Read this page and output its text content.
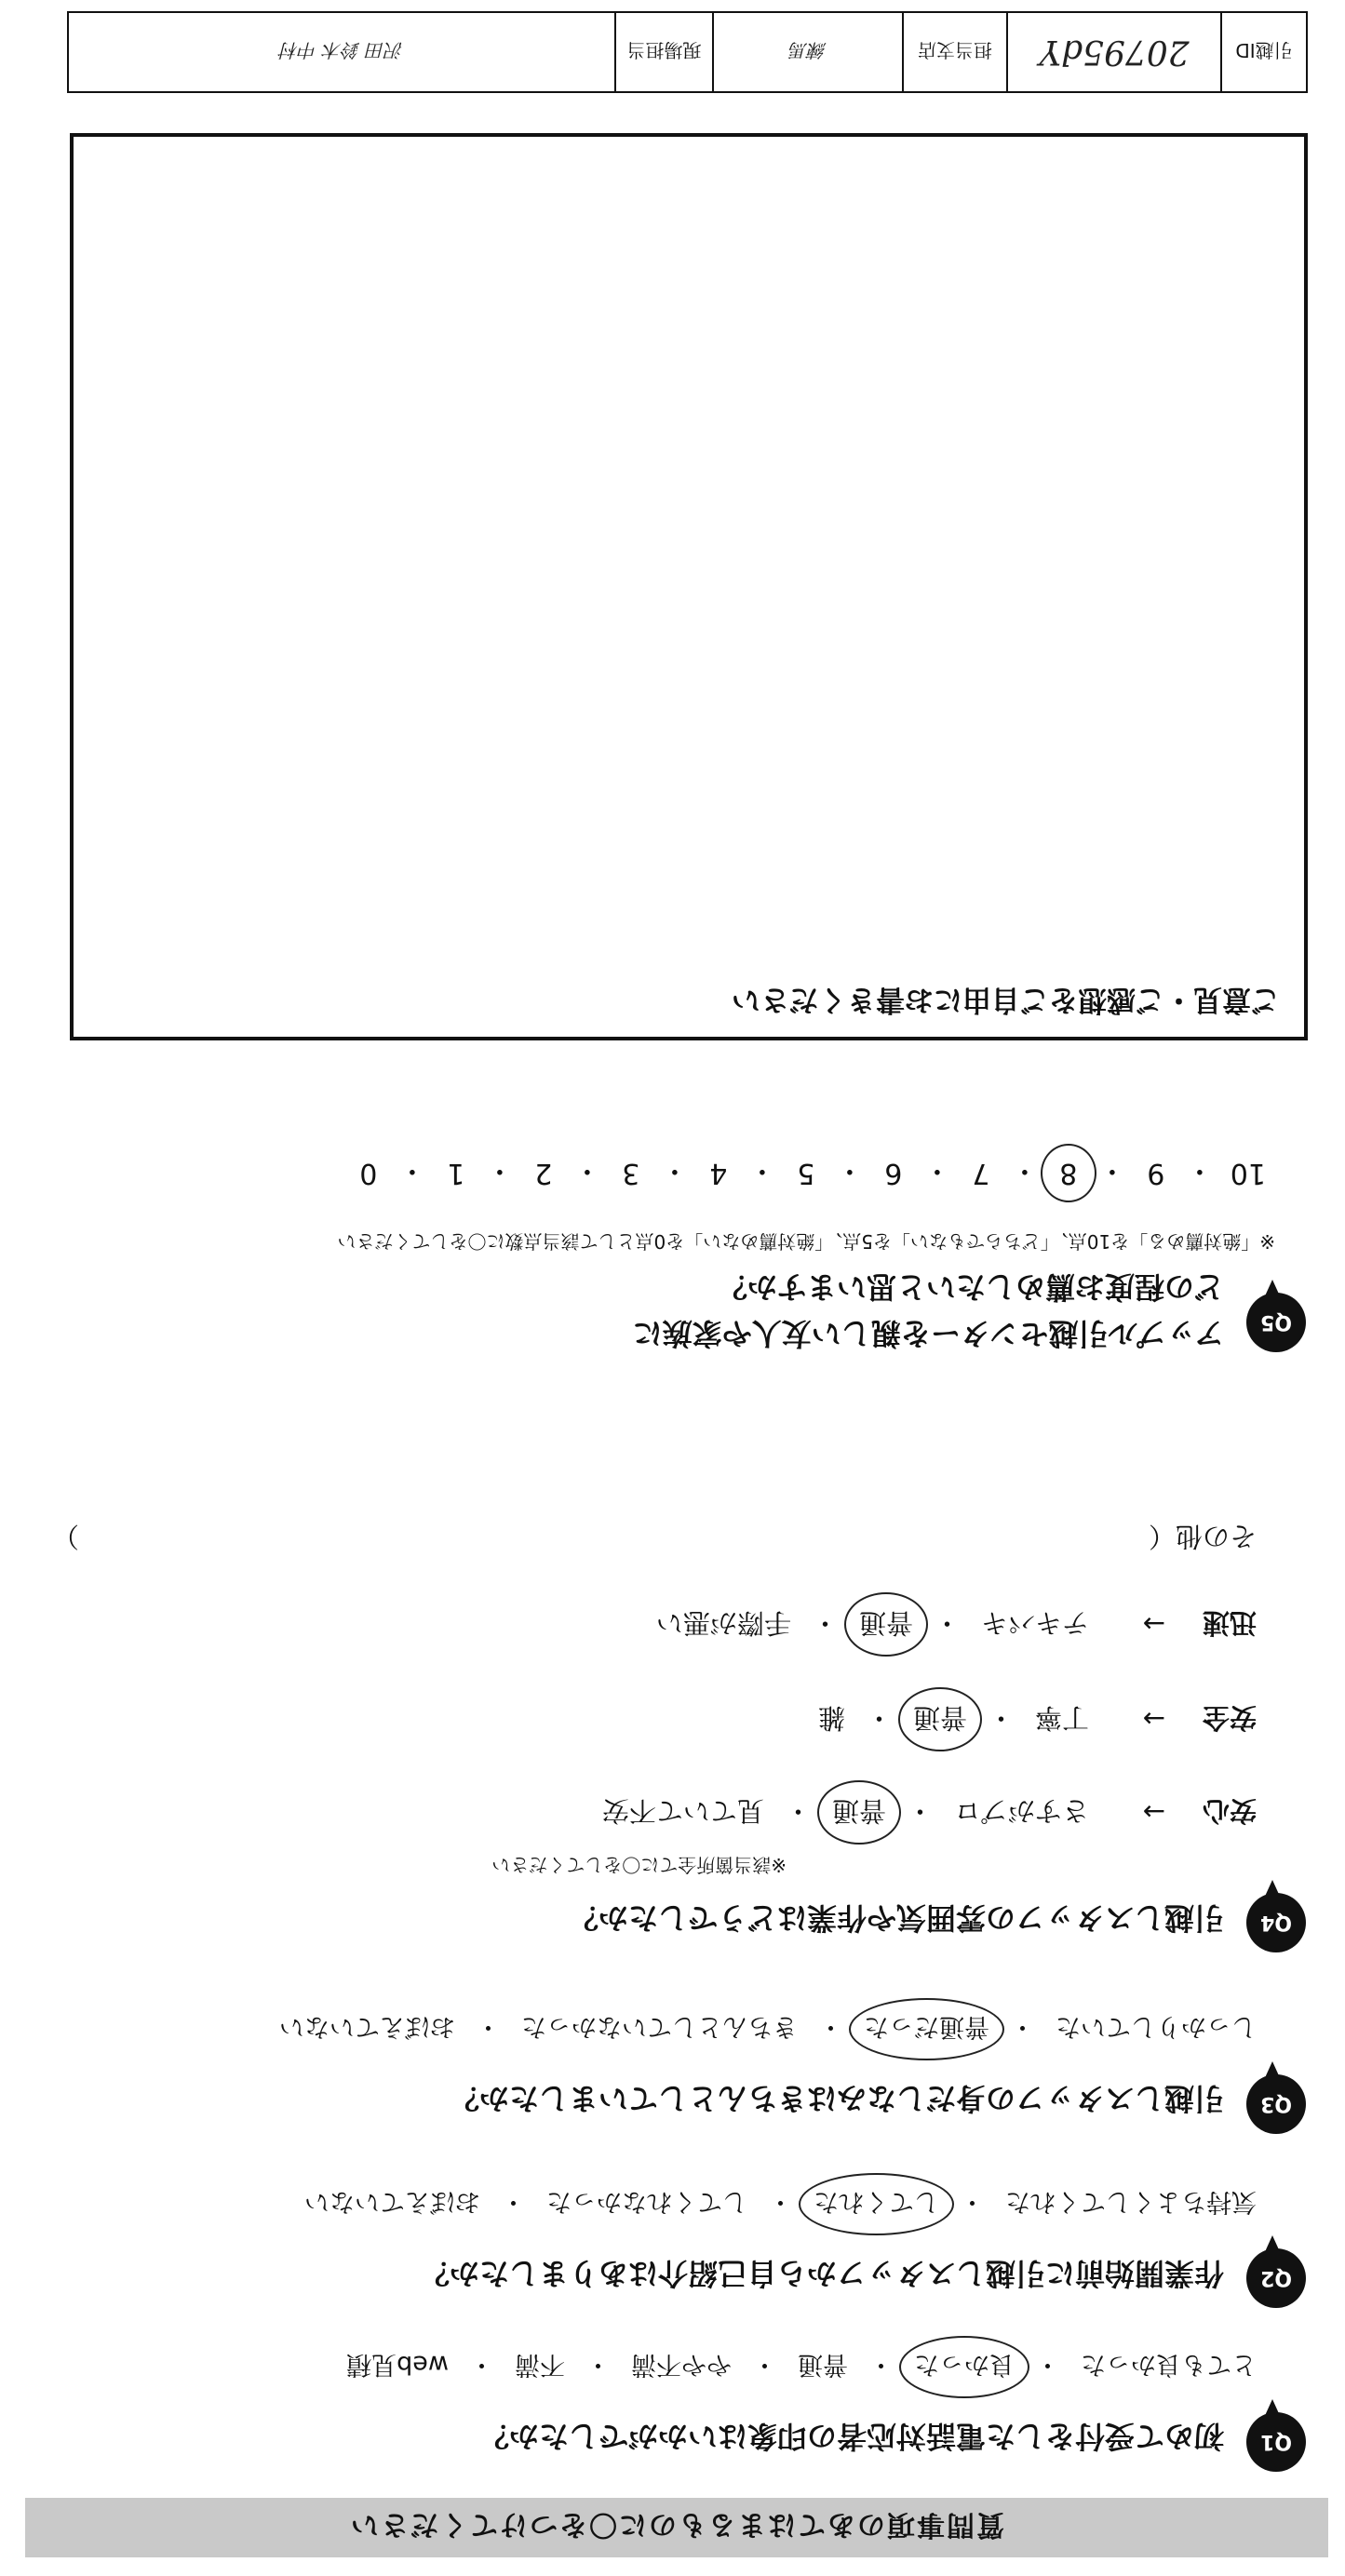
質問事項のあてはまるものに〇をつけてください
Q1
初めて受付をした電話対応者の印象はいかがでしたか？
とても良かった
・
良かった
・
普通
・
やや不満
・
不満
・
web見積
Q2
作業開始前に引越しスタッフから自己紹介はありましたか？
気持ちよくしてくれた
・
してくれた
・
してくれなかった
・
おぼえていない
Q3
引越しスタッフの身だしなみはきちんとしていましたか？
しっかりしていた
・
普通だった
・
きちんとしていなかった
・
おぼえていない
Q4
引越しスタッフの雰囲気や作業はどうでしたか？
※該当箇所全てに〇をしてください
安心
→
さすがプロ
・
普通
・
見ていて不安
安全
→
丁寧
・
普通
・
雑
迅速
→
テキパキ
・
普通
・
手際が悪い
その他（
）
Q5
アップル引越センターを親しい友人や家族に
どの程度お薦めしたいと思いますか？
※「絶対薦める」を10点、「どちらでもない」を5点、「絶対薦めない」を0点として該当点数に〇をしてください
10
・
9
・
8
・
7
・
6
・
5
・
4
・
3
・
2
・
1
・
0
ご意見・ご感想をご自由にお書きください
引越ID
20795dY
担当支店
練馬
現場担当
沢田 鈴木 中村
